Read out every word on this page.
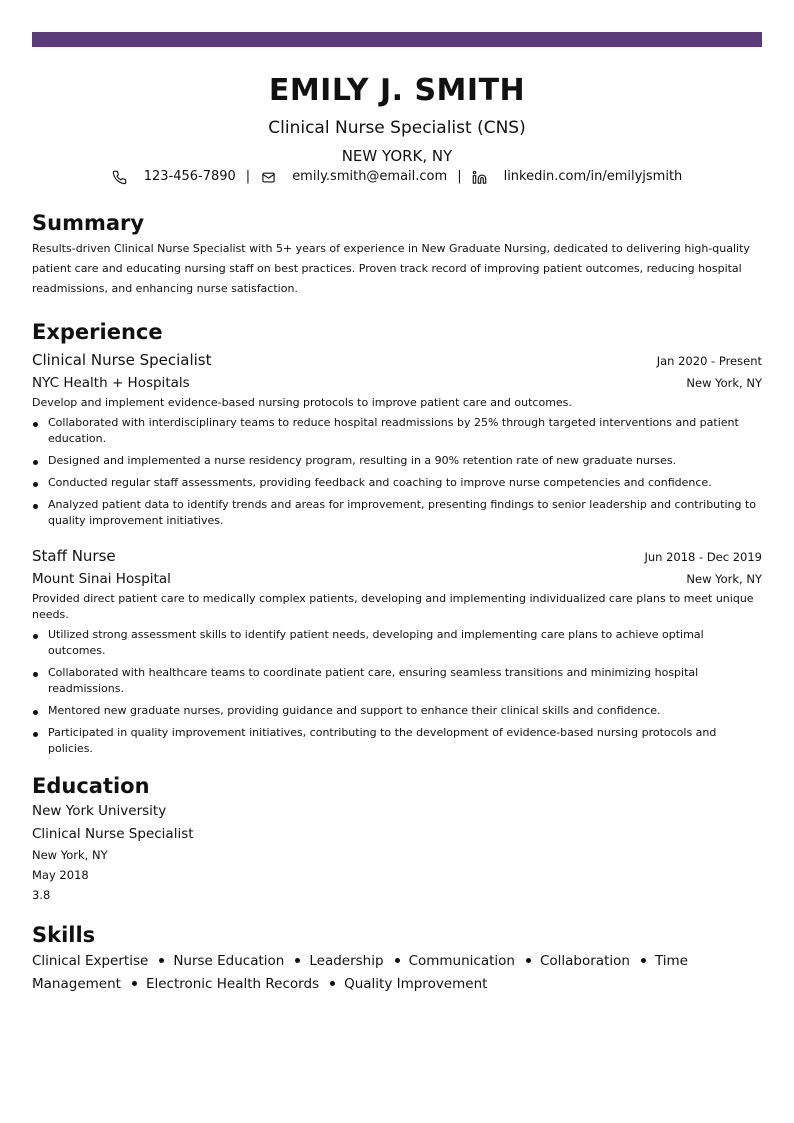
EMILY J. SMITH
Clinical Nurse Specialist (CNS)
NEW YORK, NY
123-456-7890 |	emily.smith@email.com |	linkedin.com/in/emilyjsmith
Summary
Results-driven Clinical Nurse Specialist with 5+ years of experience in New Graduate Nursing, dedicated to delivering high-quality patient care and educating nursing staff on best practices. Proven track record of improving patient outcomes, reducing hospital readmissions, and enhancing nurse satisfaction.
Experience
Clinical Nurse Specialist	Jan 2020 - Present
NYC Health + Hospitals	New York, NY
Develop and implement evidence-based nursing protocols to improve patient care and outcomes.
Collaborated with interdisciplinary teams to reduce hospital readmissions by 25% through targeted interventions and patient education.
Designed and implemented a nurse residency program, resulting in a 90% retention rate of new graduate nurses.
Conducted regular staff assessments, providing feedback and coaching to improve nurse competencies and confidence.
Analyzed patient data to identify trends and areas for improvement, presenting findings to senior leadership and contributing to quality improvement initiatives.
Staff Nurse	Jun 2018 - Dec 2019
Mount Sinai Hospital	New York, NY
Provided direct patient care to medically complex patients, developing and implementing individualized care plans to meet unique needs.
Utilized strong assessment skills to identify patient needs, developing and implementing care plans to achieve optimal outcomes.
Collaborated with healthcare teams to coordinate patient care, ensuring seamless transitions and minimizing hospital readmissions.
Mentored new graduate nurses, providing guidance and support to enhance their clinical skills and confidence.
Participated in quality improvement initiatives, contributing to the development of evidence-based nursing protocols and policies.
Education
New York University
Clinical Nurse Specialist
New York, NY
May 2018
3.8
Skills
Clinical Expertise Nurse Education Leadership Communication Collaboration Time Management Electronic Health Records Quality Improvement
